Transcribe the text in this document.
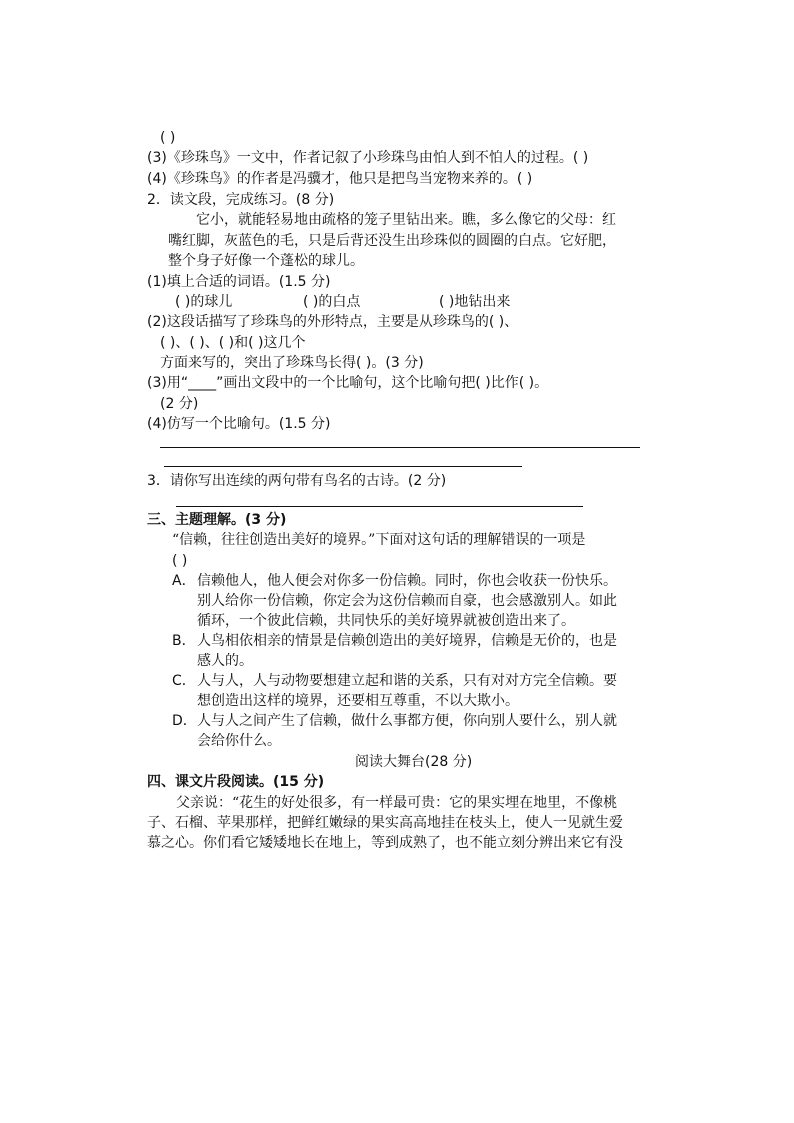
( )
(3)《珍珠鸟》一文中，作者记叙了小珍珠鸟由怕人到不怕人的过程。( )
(4)《珍珠鸟》的作者是冯骥才，他只是把鸟当宠物来养的。( )
2．读文段，完成练习。(8 分)
它小，就能轻易地由疏格的笼子里钻出来。瞧，多么像它的父母：红
嘴红脚，灰蓝色的毛，只是后背还没生出珍珠似的圆圈的白点。它好肥，
整个身子好像一个蓬松的球儿。
(1)填上合适的词语。(1.5 分)
( )的球儿	( )的白点	( )地钻出来
(2)这段话描写了珍珠鸟的外形特点，主要是从珍珠鸟的( )、
( )、( )、( )和( )这几个
方面来写的，突出了珍珠鸟长得( )。(3 分)
(3)用“____”画出文段中的一个比喻句，这个比喻句把( )比作( )。
(2 分)
(4)仿写一个比喻句。(1.5 分)
3．请你写出连续的两句带有鸟名的古诗。(2 分)
三、主题理解。(3 分)
“信赖，往往创造出美好的境界。”下面对这句话的理解错误的一项是
( )
A． 信赖他人，他人便会对你多一份信赖。同时，你也会收获一份快乐。
别人给你一份信赖，你定会为这份信赖而自豪，也会感激别人。如此
循环，一个彼此信赖，共同快乐的美好境界就被创造出来了。
B． 人鸟相依相亲的情景是信赖创造出的美好境界，信赖是无价的，也是
感人的。
C． 人与人，人与动物要想建立起和谐的关系，只有对对方完全信赖。要
想创造出这样的境界，还要相互尊重，不以大欺小。
D． 人与人之间产生了信赖，做什么事都方便，你向别人要什么，别人就
会给你什么。
阅读大舞台(28 分)
四、课文片段阅读。(15 分)
父亲说：“花生的好处很多，有一样最可贵：它的果实埋在地里，不像桃
子、石榴、苹果那样，把鲜红嫩绿的果实高高地挂在枝头上，使人一见就生爱
慕之心。你们看它矮矮地长在地上，等到成熟了，也不能立刻分辨出来它有没
